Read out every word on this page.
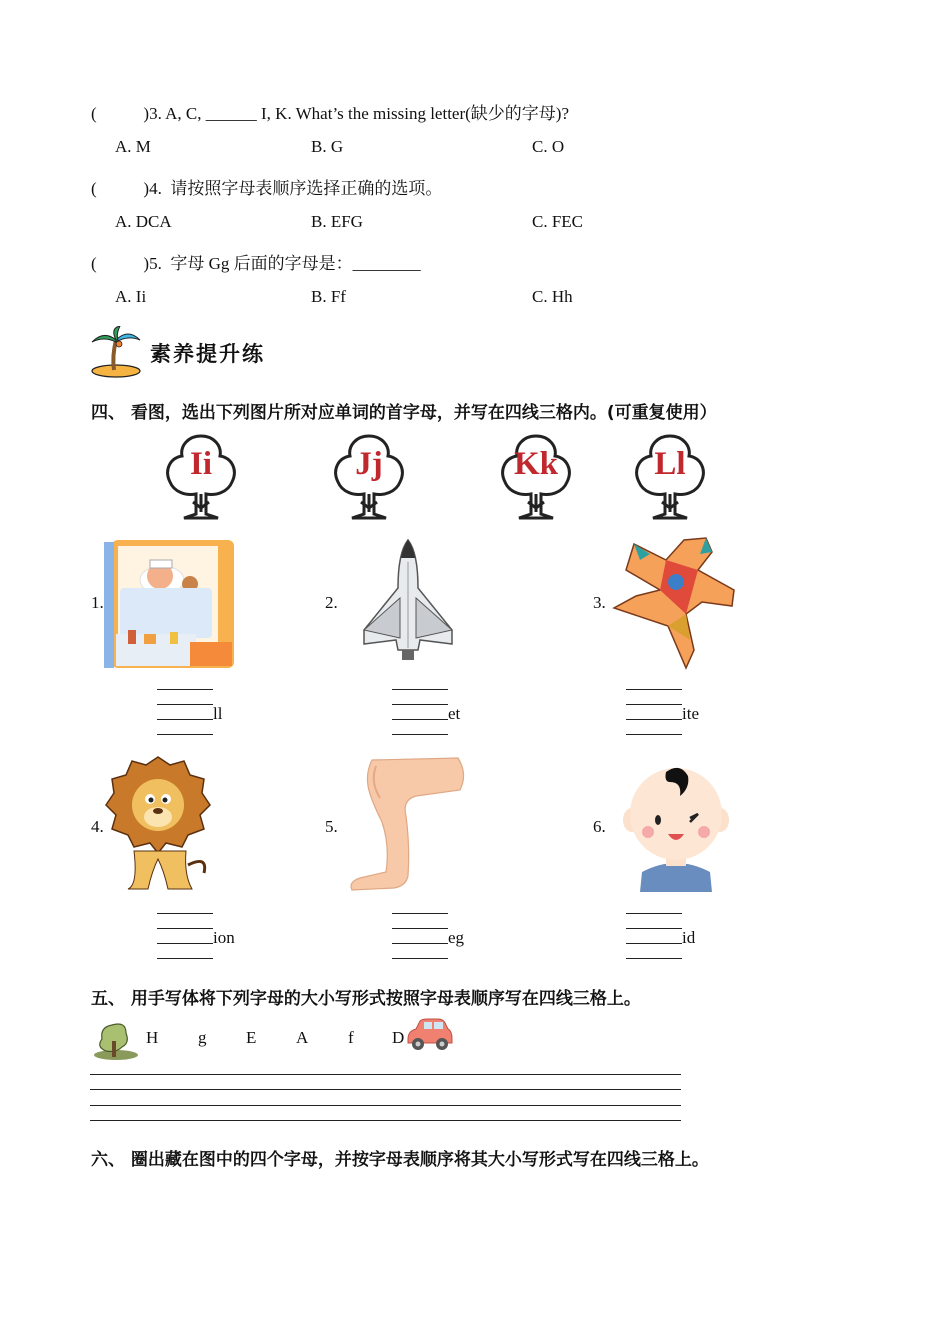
(           )3. A, C, ______ I, K. What’s the missing letter(缺少的字母)?
A. M	B. G	C. O
(           )4.  请按照字母表顺序选择正确的选项。
A. DCA	B. EFG	C. FEC
(           )5.  字母 Gg 后面的字母是：________
A. Ii	B. Ff	C. Hh
素养提升练
四、 看图，选出下列图片所对应单词的首字母，并写在四线三格内。(可重复使用）
Ii	Jj	Kk	Ll
1.
ll
2.
et
3.
ite
4.
ion
5.
eg
6.
id
五、 用手写体将下列字母的大小写形式按照字母表顺序写在四线三格上。
H g E A f D
六、 圈出藏在图中的四个字母，并按字母表顺序将其大小写形式写在四线三格上。
